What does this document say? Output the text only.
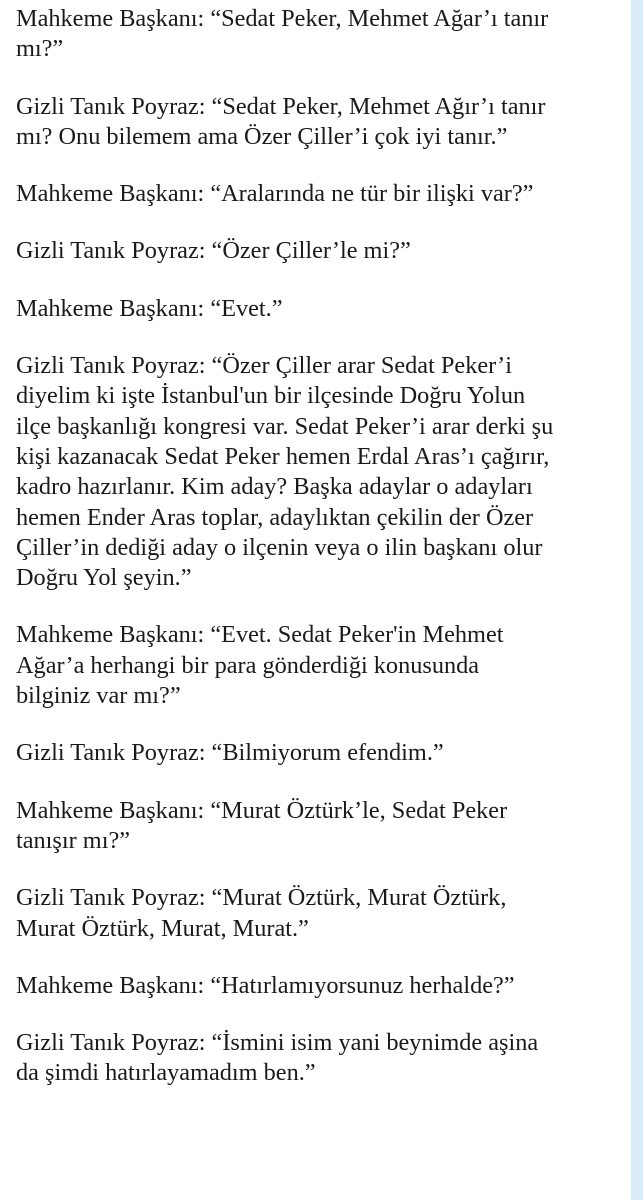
Mahkeme Başkanı: “Sedat Peker, Mehmet Ağar’ı tanır
mı?”

Gizli Tanık Poyraz: “Sedat Peker, Mehmet Ağır’ı tanır
mı? Onu bilemem ama Özer Çiller’i çok iyi tanır.”

Mahkeme Başkanı: “Aralarında ne tür bir ilişki var?”

Gizli Tanık Poyraz: “Özer Çiller’le mi?”

Mahkeme Başkanı: “Evet.”

Gizli Tanık Poyraz: “Özer Çiller arar Sedat Peker’i
diyelim ki işte İstanbul'un bir ilçesinde Doğru Yolun
ilçe başkanlığı kongresi var. Sedat Peker’i arar derki şu
kişi kazanacak Sedat Peker hemen Erdal Aras’ı çağırır,
kadro hazırlanır. Kim aday? Başka adaylar o adayları
hemen Ender Aras toplar, adaylıktan çekilin der Özer
Çiller’in dediği aday o ilçenin veya o ilin başkanı olur
Doğru Yol şeyin.”

Mahkeme Başkanı: “Evet. Sedat Peker'in Mehmet
Ağar’a herhangi bir para gönderdiği konusunda
bilginiz var mı?”

Gizli Tanık Poyraz: “Bilmiyorum efendim.”

Mahkeme Başkanı: “Murat Öztürk’le, Sedat Peker
tanışır mı?”

Gizli Tanık Poyraz: “Murat Öztürk, Murat Öztürk,
Murat Öztürk, Murat, Murat.”

Mahkeme Başkanı: “Hatırlamıyorsunuz herhalde?”

Gizli Tanık Poyraz: “İsmini isim yani beynimde aşina
da şimdi hatırlayamadım ben.”
